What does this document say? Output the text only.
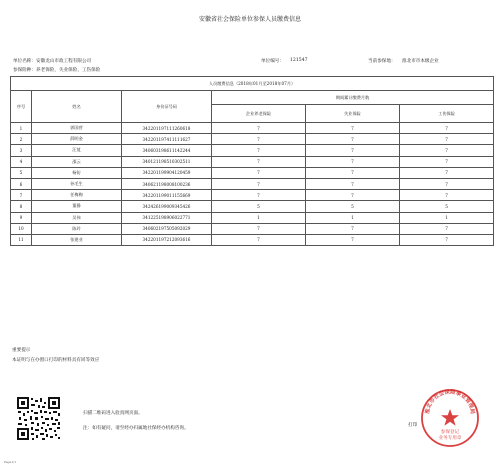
安徽省社会保险单位参保人员缴费信息
单位名称： 安徽龙山市政工程有限公司	单位编号： 121547	当前参保地： 淮北市市本级企业
参保险种： 养老保险，失业保险，工伤保险
人员缴费信息（2018年01月至2018年07月）					
序号	姓名	身份证号码	期间累计缴费月数		
			企业养老保险	失业保险	工伤保险
1	郭国营	342201197111260618	7	7	7
2	薛明金	342201197411111627	7	7	7
3	汪芨	340603198611142244	7	7	7
4	邵云	340121198510302511	7	7	7
5	杨钫	342201199904120459	7	7	7
6	孙毛生	340621198008100236	7	7	7
7	任梅梅	342201199011155669	7	7	7
8	董静	342426199009345426	5	5	5
9	吴伟	341225198906022771	1	1	1
10	陈玲	340602197505092029	7	7	7
11	张建业	342201197212093616	7	7	7
重要提示
本证明与在办窗口打印的材料具有同等效应
扫描二维码进入验真网页面。
注：如有疑问，请至经办归属地社保经办机构咨询。
打印
淮北市社会保险事业管理局
参保登记
业务专用章
Page1/1
